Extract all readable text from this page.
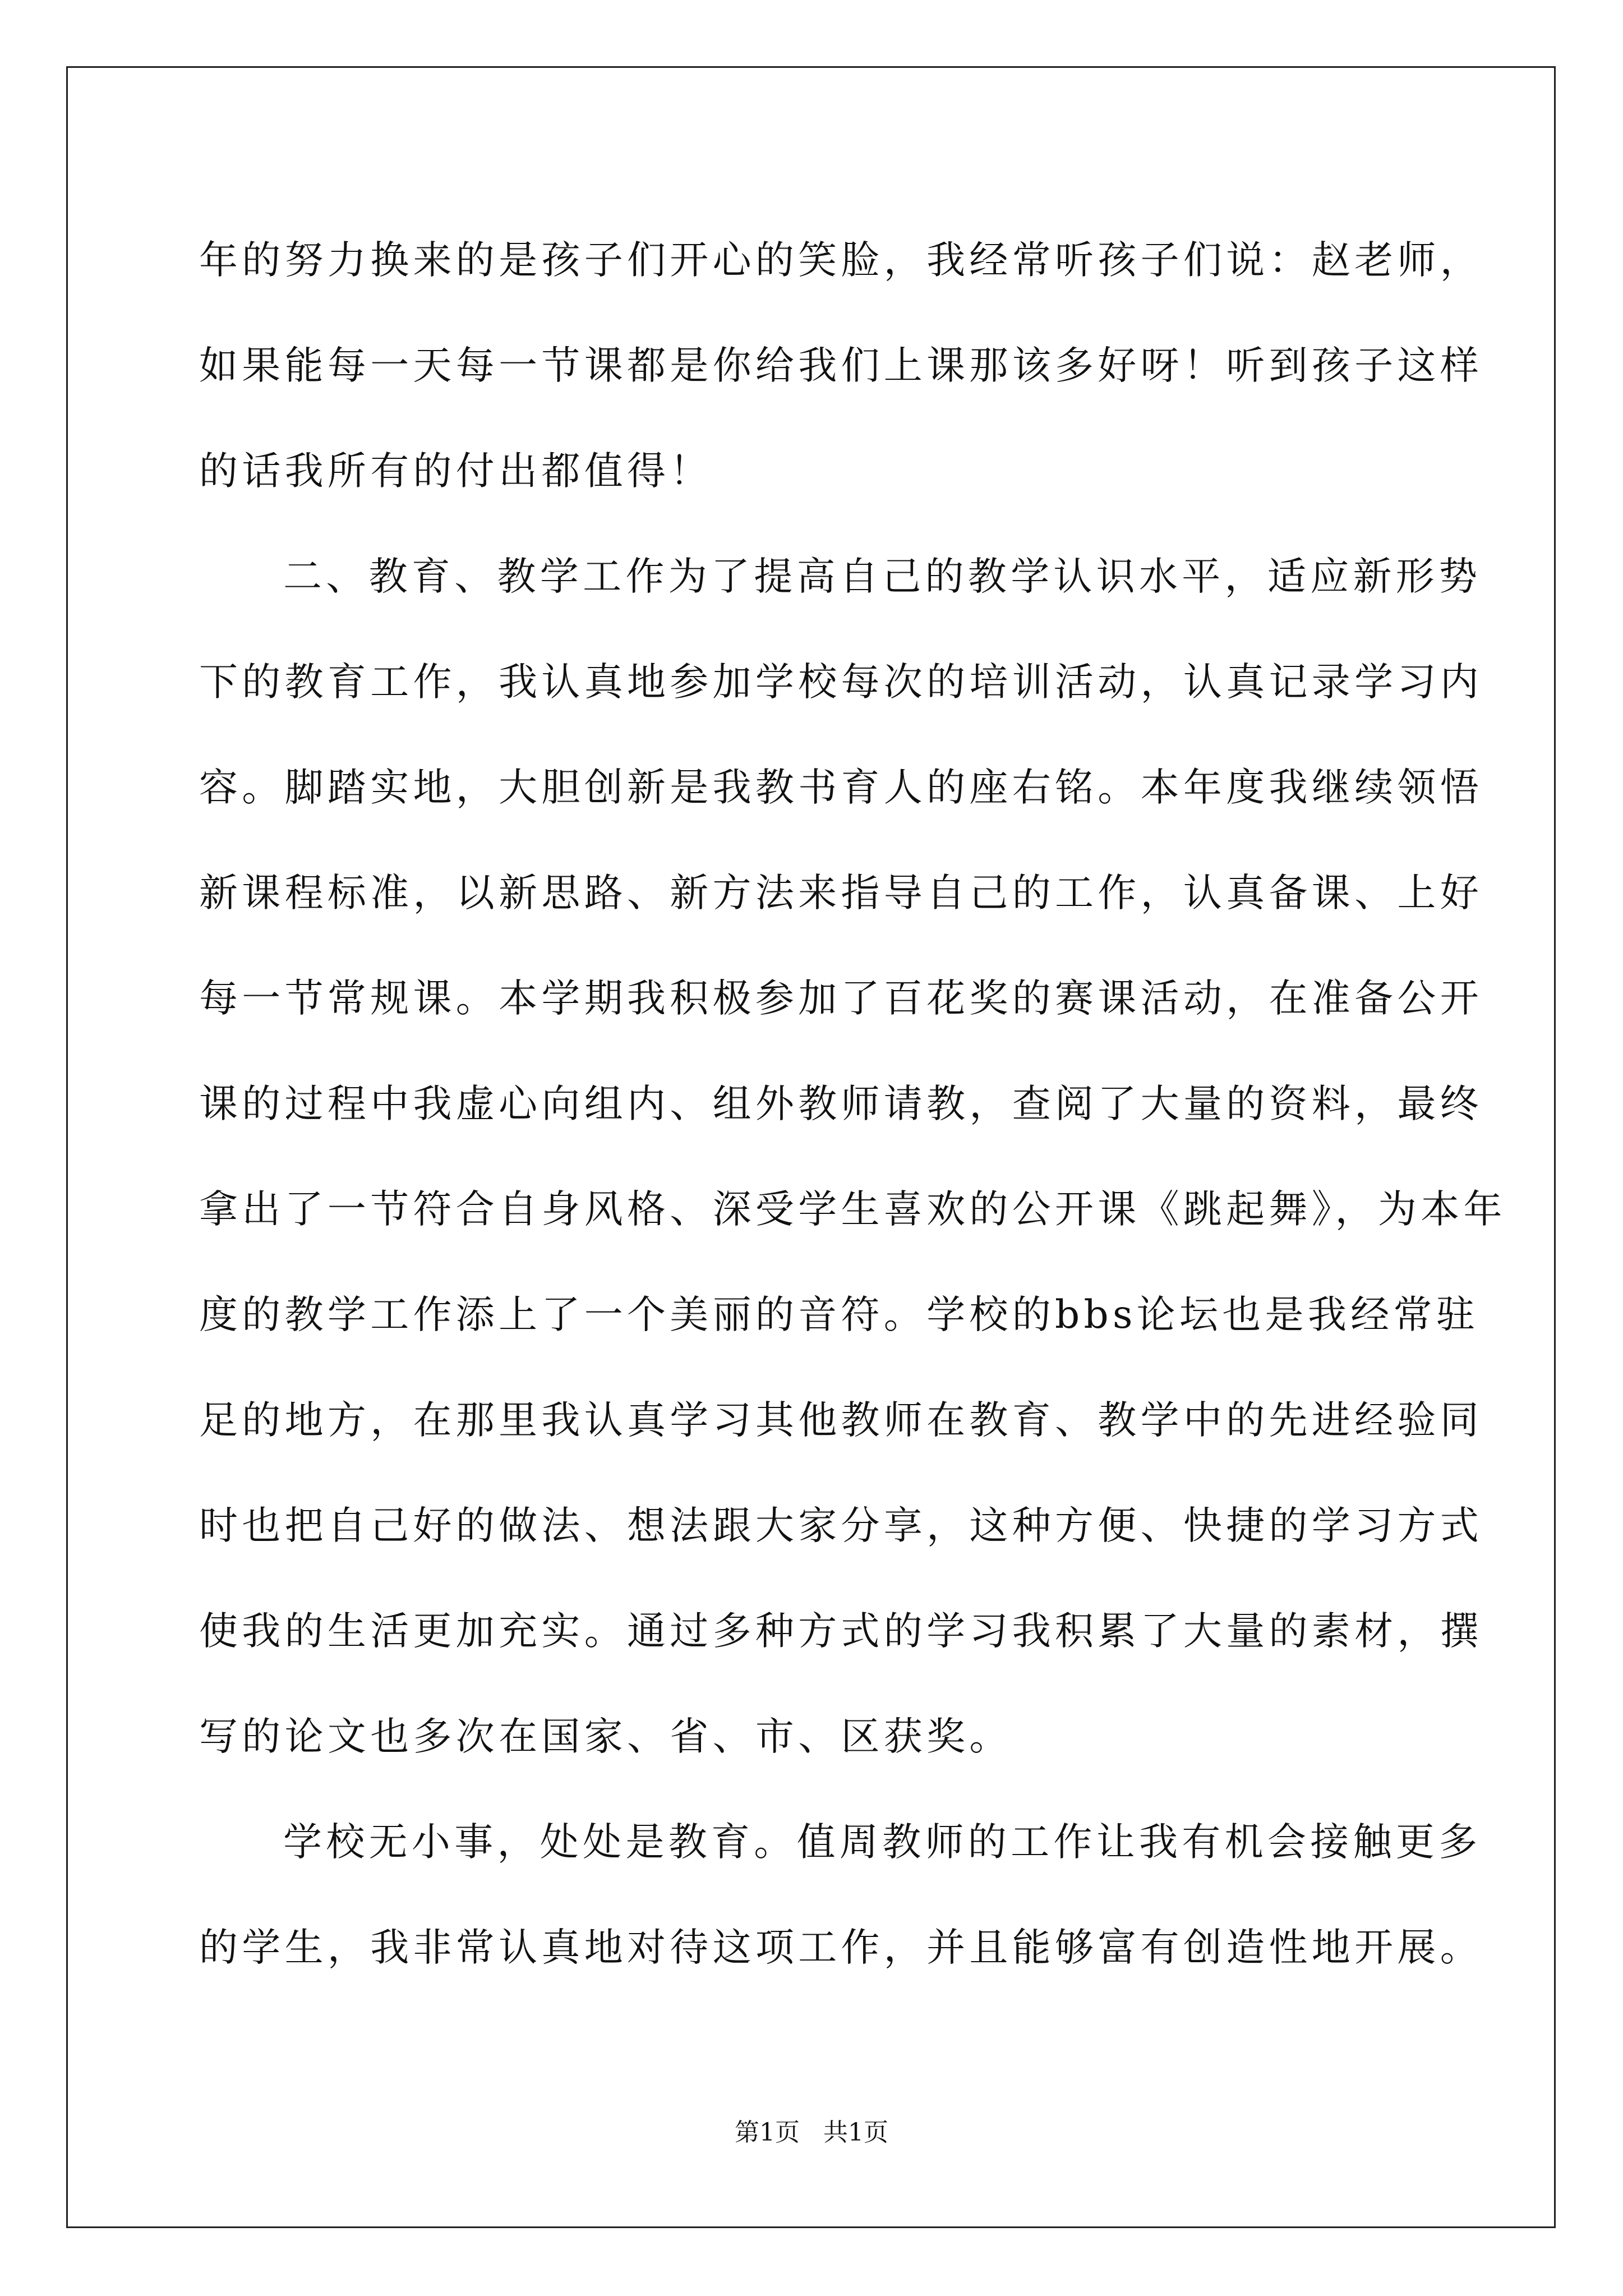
年的努力换来的是孩子们开心的笑脸，我经常听孩子们说：赵老师，
如果能每一天每一节课都是你给我们上课那该多好呀！听到孩子这样
的话我所有的付出都值得！
二、教育、教学工作为了提高自己的教学认识水平，适应新形势
下的教育工作，我认真地参加学校每次的培训活动，认真记录学习内
容。脚踏实地，大胆创新是我教书育人的座右铭。本年度我继续领悟
新课程标准，以新思路、新方法来指导自己的工作，认真备课、上好
每一节常规课。本学期我积极参加了百花奖的赛课活动，在准备公开
课的过程中我虚心向组内、组外教师请教，查阅了大量的资料，最终
拿出了一节符合自身风格、深受学生喜欢的公开课《跳起舞》，为本年
度的教学工作添上了一个美丽的音符。学校的bbs论坛也是我经常驻
足的地方，在那里我认真学习其他教师在教育、教学中的先进经验同
时也把自己好的做法、想法跟大家分享，这种方便、快捷的学习方式
使我的生活更加充实。通过多种方式的学习我积累了大量的素材，撰
写的论文也多次在国家、省、市、区获奖。
学校无小事，处处是教育。值周教师的工作让我有机会接触更多
的学生，我非常认真地对待这项工作，并且能够富有创造性地开展。
第1页   共1页
